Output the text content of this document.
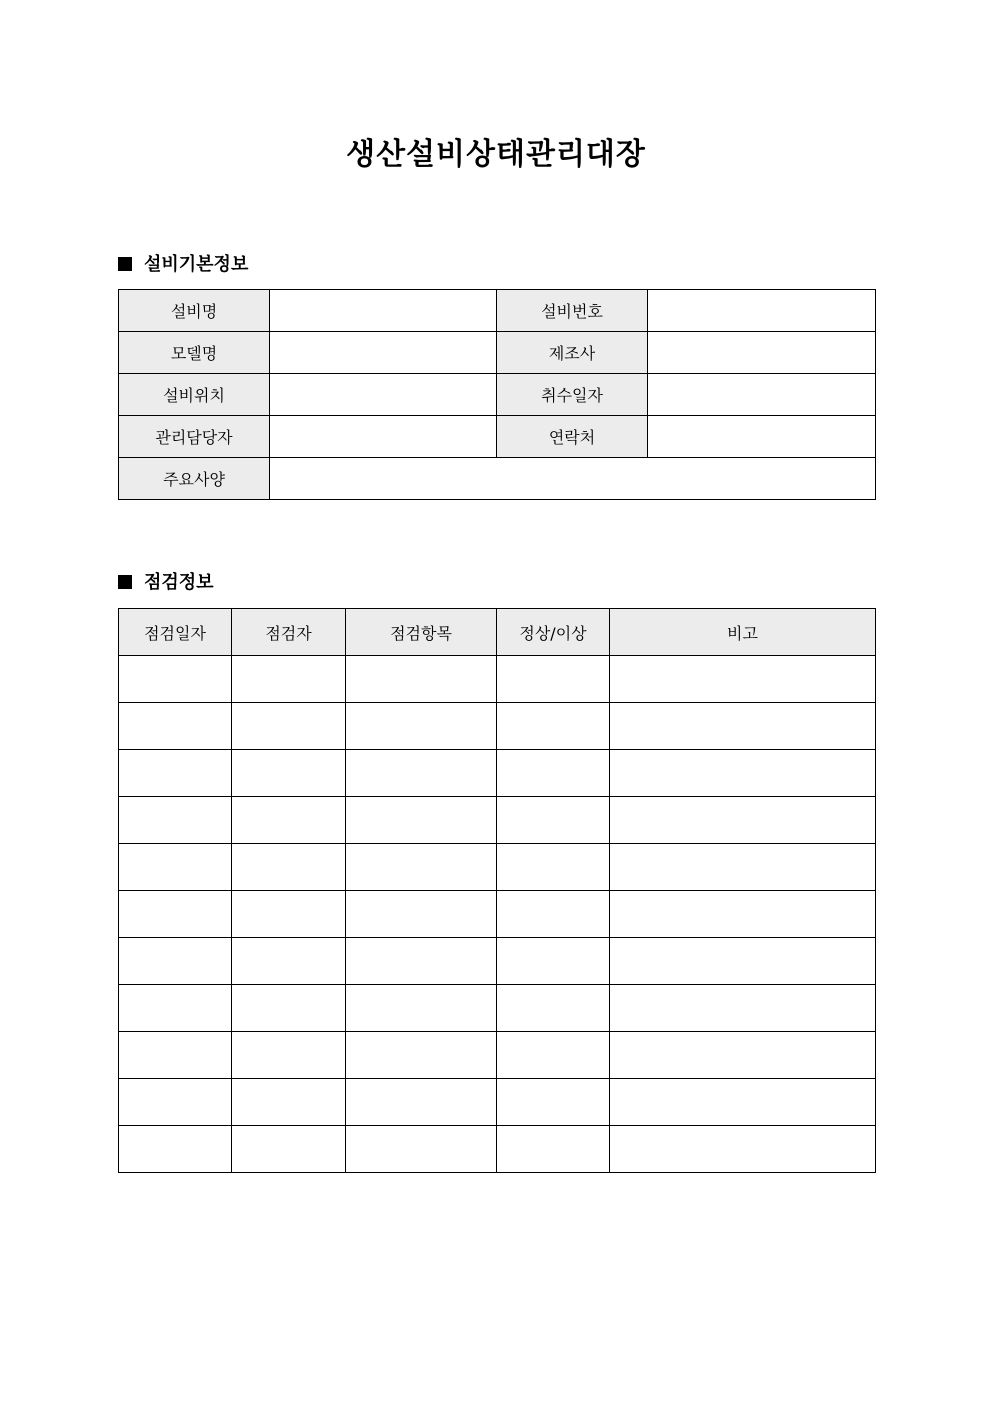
생산설비상태관리대장
설비기본정보
설비명		설비번호	
모델명		제조사	
설비위치		취수일자	
관리담당자		연락처	
주요사양			
점검정보
점검일자	점검자	점검항목	정상/이상	비고
